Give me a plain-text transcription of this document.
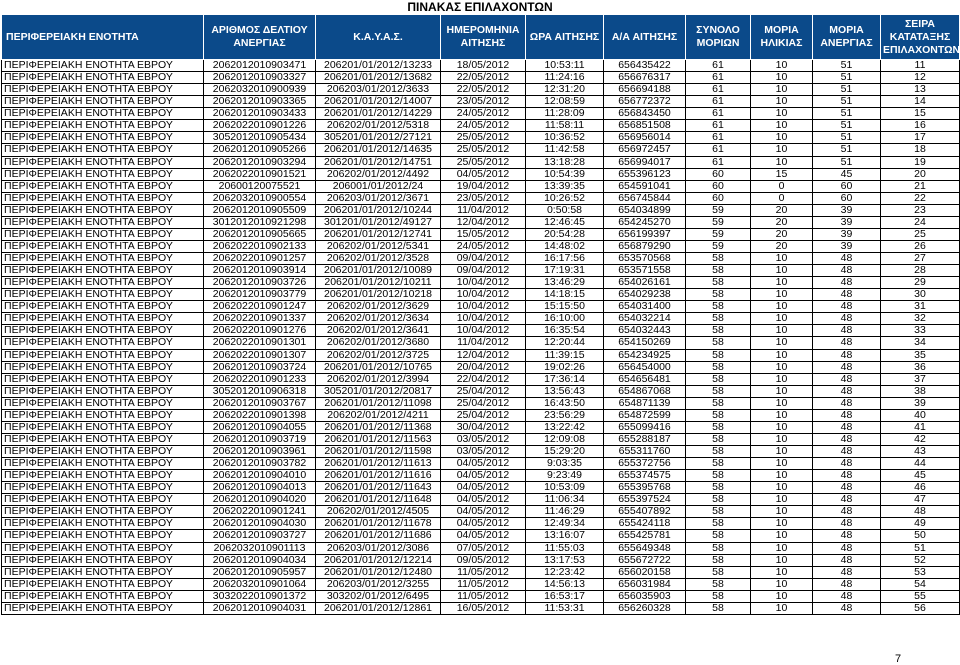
ΠΙΝΑΚΑΣ ΕΠΙΛΑΧΟΝΤΩΝ
ΠΕΡΙΦΕΡΕΙΑΚΗ ΕΝΟΤΗΤΑ	ΑΡΙΘΜΟΣ ΔΕΛΤΙΟΥ ΑΝΕΡΓΙΑΣ	Κ.Α.Υ.Α.Σ.	ΗΜΕΡΟΜΗΝΙΑ ΑΙΤΗΣΗΣ	ΩΡΑ ΑΙΤΗΣΗΣ	Α/Α ΑΙΤΗΣΗΣ	ΣΥΝΟΛΟ ΜΟΡΙΩΝ	ΜΟΡΙΑ ΗΛΙΚΙΑΣ	ΜΟΡΙΑ ΑΝΕΡΓΙΑΣ	ΣΕΙΡΑ ΚΑΤΑΤΑΞΗΣ ΕΠΙΛΑΧΟΝΤΩΝ
ΠΕΡΙΦΕΡΕΙΑΚΗ ΕΝΟΤΗΤΑ ΕΒΡΟΥ	2062012010903471	206201/01/2012/13233	18/05/2012	10:53:11	656435422	61	10	51	11
ΠΕΡΙΦΕΡΕΙΑΚΗ ΕΝΟΤΗΤΑ ΕΒΡΟΥ	2062012010903327	206201/01/2012/13682	22/05/2012	11:24:16	656676317	61	10	51	12
ΠΕΡΙΦΕΡΕΙΑΚΗ ΕΝΟΤΗΤΑ ΕΒΡΟΥ	2062032010900939	206203/01/2012/3633	22/05/2012	12:31:20	656694188	61	10	51	13
ΠΕΡΙΦΕΡΕΙΑΚΗ ΕΝΟΤΗΤΑ ΕΒΡΟΥ	2062012010903365	206201/01/2012/14007	23/05/2012	12:08:59	656772372	61	10	51	14
ΠΕΡΙΦΕΡΕΙΑΚΗ ΕΝΟΤΗΤΑ ΕΒΡΟΥ	2062012010903433	206201/01/2012/14229	24/05/2012	11:28:09	656843450	61	10	51	15
ΠΕΡΙΦΕΡΕΙΑΚΗ ΕΝΟΤΗΤΑ ΕΒΡΟΥ	2062022010901226	206202/01/2012/5318	24/05/2012	11:58:11	656851508	61	10	51	16
ΠΕΡΙΦΕΡΕΙΑΚΗ ΕΝΟΤΗΤΑ ΕΒΡΟΥ	3052012010905434	305201/01/2012/27121	25/05/2012	10:36:52	656956014	61	10	51	17
ΠΕΡΙΦΕΡΕΙΑΚΗ ΕΝΟΤΗΤΑ ΕΒΡΟΥ	2062012010905266	206201/01/2012/14635	25/05/2012	11:42:58	656972457	61	10	51	18
ΠΕΡΙΦΕΡΕΙΑΚΗ ΕΝΟΤΗΤΑ ΕΒΡΟΥ	2062012010903294	206201/01/2012/14751	25/05/2012	13:18:28	656994017	61	10	51	19
ΠΕΡΙΦΕΡΕΙΑΚΗ ΕΝΟΤΗΤΑ ΕΒΡΟΥ	2062022010901521	206202/01/2012/4492	04/05/2012	10:54:39	655396123	60	15	45	20
ΠΕΡΙΦΕΡΕΙΑΚΗ ΕΝΟΤΗΤΑ ΕΒΡΟΥ	20600120075521	206001/01/2012/24	19/04/2012	13:39:35	654591041	60	0	60	21
ΠΕΡΙΦΕΡΕΙΑΚΗ ΕΝΟΤΗΤΑ ΕΒΡΟΥ	2062032010900554	206203/01/2012/3671	23/05/2012	10:26:52	656745844	60	0	60	22
ΠΕΡΙΦΕΡΕΙΑΚΗ ΕΝΟΤΗΤΑ ΕΒΡΟΥ	2062012010905509	206201/01/2012/10244	11/04/2012	0:50:58	654034899	59	20	39	23
ΠΕΡΙΦΕΡΕΙΑΚΗ ΕΝΟΤΗΤΑ ΕΒΡΟΥ	3012012010921298	301201/01/2012/49127	12/04/2012	12:46:45	654245270	59	20	39	24
ΠΕΡΙΦΕΡΕΙΑΚΗ ΕΝΟΤΗΤΑ ΕΒΡΟΥ	2062012010905665	206201/01/2012/12741	15/05/2012	20:54:28	656199397	59	20	39	25
ΠΕΡΙΦΕΡΕΙΑΚΗ ΕΝΟΤΗΤΑ ΕΒΡΟΥ	2062022010902133	206202/01/2012/5341	24/05/2012	14:48:02	656879290	59	20	39	26
ΠΕΡΙΦΕΡΕΙΑΚΗ ΕΝΟΤΗΤΑ ΕΒΡΟΥ	2062022010901257	206202/01/2012/3528	09/04/2012	16:17:56	653570568	58	10	48	27
ΠΕΡΙΦΕΡΕΙΑΚΗ ΕΝΟΤΗΤΑ ΕΒΡΟΥ	2062012010903914	206201/01/2012/10089	09/04/2012	17:19:31	653571558	58	10	48	28
ΠΕΡΙΦΕΡΕΙΑΚΗ ΕΝΟΤΗΤΑ ΕΒΡΟΥ	2062012010903726	206201/01/2012/10211	10/04/2012	13:46:29	654026161	58	10	48	29
ΠΕΡΙΦΕΡΕΙΑΚΗ ΕΝΟΤΗΤΑ ΕΒΡΟΥ	2062012010903779	206201/01/2012/10218	10/04/2012	14:18:15	654029238	58	10	48	30
ΠΕΡΙΦΕΡΕΙΑΚΗ ΕΝΟΤΗΤΑ ΕΒΡΟΥ	2062022010901247	206202/01/2012/3629	10/04/2012	15:15:50	654031400	58	10	48	31
ΠΕΡΙΦΕΡΕΙΑΚΗ ΕΝΟΤΗΤΑ ΕΒΡΟΥ	2062022010901337	206202/01/2012/3634	10/04/2012	16:10:00	654032214	58	10	48	32
ΠΕΡΙΦΕΡΕΙΑΚΗ ΕΝΟΤΗΤΑ ΕΒΡΟΥ	2062022010901276	206202/01/2012/3641	10/04/2012	16:35:54	654032443	58	10	48	33
ΠΕΡΙΦΕΡΕΙΑΚΗ ΕΝΟΤΗΤΑ ΕΒΡΟΥ	2062022010901301	206202/01/2012/3680	11/04/2012	12:20:44	654150269	58	10	48	34
ΠΕΡΙΦΕΡΕΙΑΚΗ ΕΝΟΤΗΤΑ ΕΒΡΟΥ	2062022010901307	206202/01/2012/3725	12/04/2012	11:39:15	654234925	58	10	48	35
ΠΕΡΙΦΕΡΕΙΑΚΗ ΕΝΟΤΗΤΑ ΕΒΡΟΥ	2062012010903724	206201/01/2012/10765	20/04/2012	19:02:26	656454000	58	10	48	36
ΠΕΡΙΦΕΡΕΙΑΚΗ ΕΝΟΤΗΤΑ ΕΒΡΟΥ	2062022010901233	206202/01/2012/3994	22/04/2012	17:36:14	654656481	58	10	48	37
ΠΕΡΙΦΕΡΕΙΑΚΗ ΕΝΟΤΗΤΑ ΕΒΡΟΥ	3052012010906318	305201/01/2012/20817	25/04/2012	13:56:43	654867068	58	10	48	38
ΠΕΡΙΦΕΡΕΙΑΚΗ ΕΝΟΤΗΤΑ ΕΒΡΟΥ	2062012010903767	206201/01/2012/11098	25/04/2012	16:43:50	654871139	58	10	48	39
ΠΕΡΙΦΕΡΕΙΑΚΗ ΕΝΟΤΗΤΑ ΕΒΡΟΥ	2062022010901398	206202/01/2012/4211	25/04/2012	23:56:29	654872599	58	10	48	40
ΠΕΡΙΦΕΡΕΙΑΚΗ ΕΝΟΤΗΤΑ ΕΒΡΟΥ	2062012010904055	206201/01/2012/11368	30/04/2012	13:22:42	655099416	58	10	48	41
ΠΕΡΙΦΕΡΕΙΑΚΗ ΕΝΟΤΗΤΑ ΕΒΡΟΥ	2062012010903719	206201/01/2012/11563	03/05/2012	12:09:08	655288187	58	10	48	42
ΠΕΡΙΦΕΡΕΙΑΚΗ ΕΝΟΤΗΤΑ ΕΒΡΟΥ	2062012010903961	206201/01/2012/11598	03/05/2012	15:29:20	655311760	58	10	48	43
ΠΕΡΙΦΕΡΕΙΑΚΗ ΕΝΟΤΗΤΑ ΕΒΡΟΥ	2062012010903782	206201/01/2012/11613	04/05/2012	9:03:35	655372756	58	10	48	44
ΠΕΡΙΦΕΡΕΙΑΚΗ ΕΝΟΤΗΤΑ ΕΒΡΟΥ	2062012010904010	206201/01/2012/11616	04/05/2012	9:23:49	655374575	58	10	48	45
ΠΕΡΙΦΕΡΕΙΑΚΗ ΕΝΟΤΗΤΑ ΕΒΡΟΥ	2062012010904013	206201/01/2012/11643	04/05/2012	10:53:09	655395768	58	10	48	46
ΠΕΡΙΦΕΡΕΙΑΚΗ ΕΝΟΤΗΤΑ ΕΒΡΟΥ	2062012010904020	206201/01/2012/11648	04/05/2012	11:06:34	655397524	58	10	48	47
ΠΕΡΙΦΕΡΕΙΑΚΗ ΕΝΟΤΗΤΑ ΕΒΡΟΥ	2062022010901241	206202/01/2012/4505	04/05/2012	11:46:29	655407892	58	10	48	48
ΠΕΡΙΦΕΡΕΙΑΚΗ ΕΝΟΤΗΤΑ ΕΒΡΟΥ	2062012010904030	206201/01/2012/11678	04/05/2012	12:49:34	655424118	58	10	48	49
ΠΕΡΙΦΕΡΕΙΑΚΗ ΕΝΟΤΗΤΑ ΕΒΡΟΥ	2062012010903727	206201/01/2012/11686	04/05/2012	13:16:07	655425781	58	10	48	50
ΠΕΡΙΦΕΡΕΙΑΚΗ ΕΝΟΤΗΤΑ ΕΒΡΟΥ	2062032010901113	206203/01/2012/3086	07/05/2012	11:55:03	655649348	58	10	48	51
ΠΕΡΙΦΕΡΕΙΑΚΗ ΕΝΟΤΗΤΑ ΕΒΡΟΥ	2062012010904034	206201/01/2012/12214	09/05/2012	13:17:53	655672722	58	10	48	52
ΠΕΡΙΦΕΡΕΙΑΚΗ ΕΝΟΤΗΤΑ ΕΒΡΟΥ	2062012010905957	206201/01/2012/12480	11/05/2012	12:23:42	656020158	58	10	48	53
ΠΕΡΙΦΕΡΕΙΑΚΗ ΕΝΟΤΗΤΑ ΕΒΡΟΥ	2062032010901064	206203/01/2012/3255	11/05/2012	14:56:13	656031984	58	10	48	54
ΠΕΡΙΦΕΡΕΙΑΚΗ ΕΝΟΤΗΤΑ ΕΒΡΟΥ	3032022010901372	303202/01/2012/6495	11/05/2012	16:53:17	656035903	58	10	48	55
ΠΕΡΙΦΕΡΕΙΑΚΗ ΕΝΟΤΗΤΑ ΕΒΡΟΥ	2062012010904031	206201/01/2012/12861	16/05/2012	11:53:31	656260328	58	10	48	56
7
